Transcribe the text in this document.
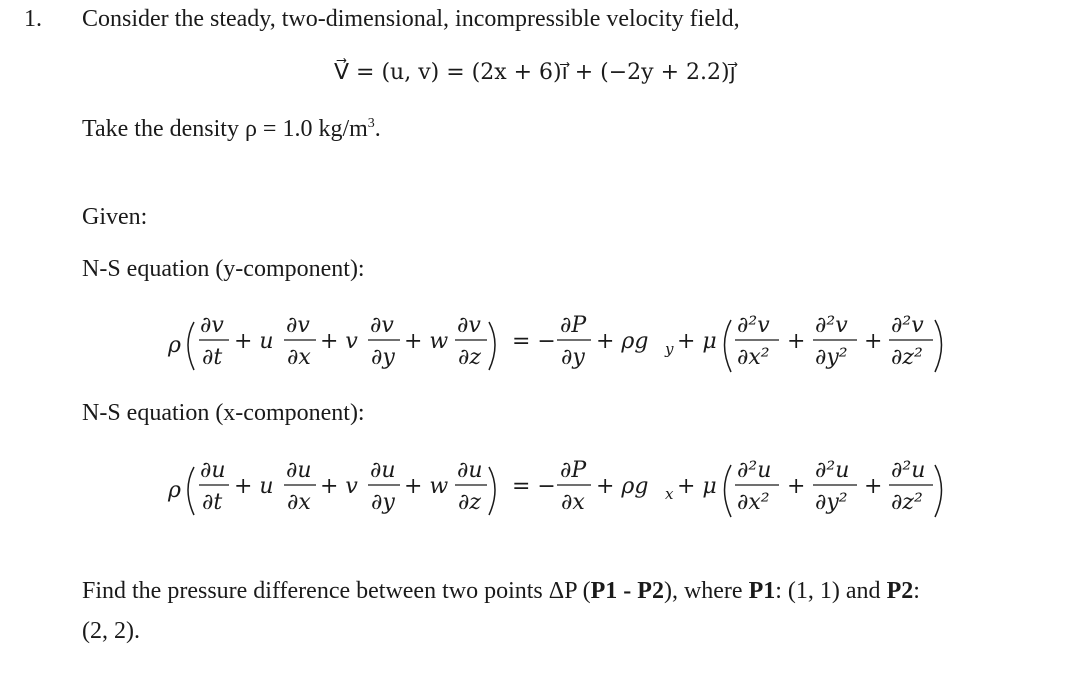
1. Consider the steady, two-dimensional, incompressible velocity field,
V⃗ = (u, v) = (2x + 6)ı⃗ + (−2y + 2.2)ȷ⃗
Take the density ρ = 1.0 $kg/m^3$.
Given:
N-S equation (y-component):
ρ
∂v
∂t
+ u
∂v
∂x
+ v
∂v
∂y
+ w
∂v
∂z
= −
∂P
∂y
+ ρg y + μ
∂²v
∂x²
+
∂²v
∂y²
+
∂²v
∂z²
N-S equation (x-component):
ρ
∂u
∂t
+ u
∂u
∂x
+ v
∂u
∂y
+ w
∂u
∂z
= −
∂P
∂x
+ ρg x + μ
∂²u
∂x²
+
∂²u
∂y²
+
∂²u
∂z²
Find the pressure difference between two points ΔP (P1 - P2), where P1: (1, 1) and P2:
(2, 2).
